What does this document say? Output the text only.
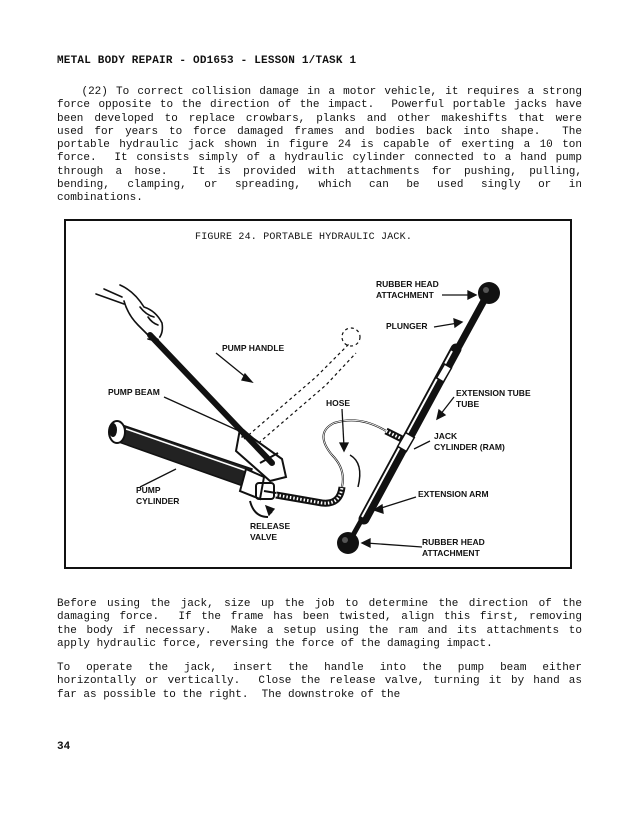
METAL BODY REPAIR - OD1653 - LESSON 1/TASK 1
(22) To correct collision damage in a motor vehicle, it requires a strong
force opposite to the direction of the impact.  Powerful portable jacks have
been developed to replace crowbars, planks and other makeshifts that were
used for years to force damaged frames and bodies back into shape.  The
portable hydraulic jack shown in figure 24 is capable of exerting a 10 ton
force.  It consists simply of a hydraulic cylinder connected to a hand pump
through a hose.  It is provided with attachments for pushing, pulling,
bending, clamping, or spreading, which can be used singly or in
combinations.
FIGURE 24. PORTABLE HYDRAULIC JACK.
RUBBER HEAD
ATTACHMENT
PLUNGER
PUMP HANDLE
PUMP BEAM
HOSE
EXTENSION TUBE
TUBE
JACK
CYLINDER (RAM)
PUMP
CYLINDER
EXTENSION ARM
RELEASE
VALVE	RUBBER HEAD
ATTACHMENT
Before using the jack, size up the job to determine the direction of the
damaging force.  If the frame has been twisted, align this first, removing
the body if necessary.  Make a setup using the ram and its attachments to
apply hydraulic force, reversing the force of the damaging impact.
To operate the jack, insert the handle into the pump beam either
horizontally or vertically.  Close the release valve, turning it by hand as
far as possible to the right.  The downstroke of the
34
